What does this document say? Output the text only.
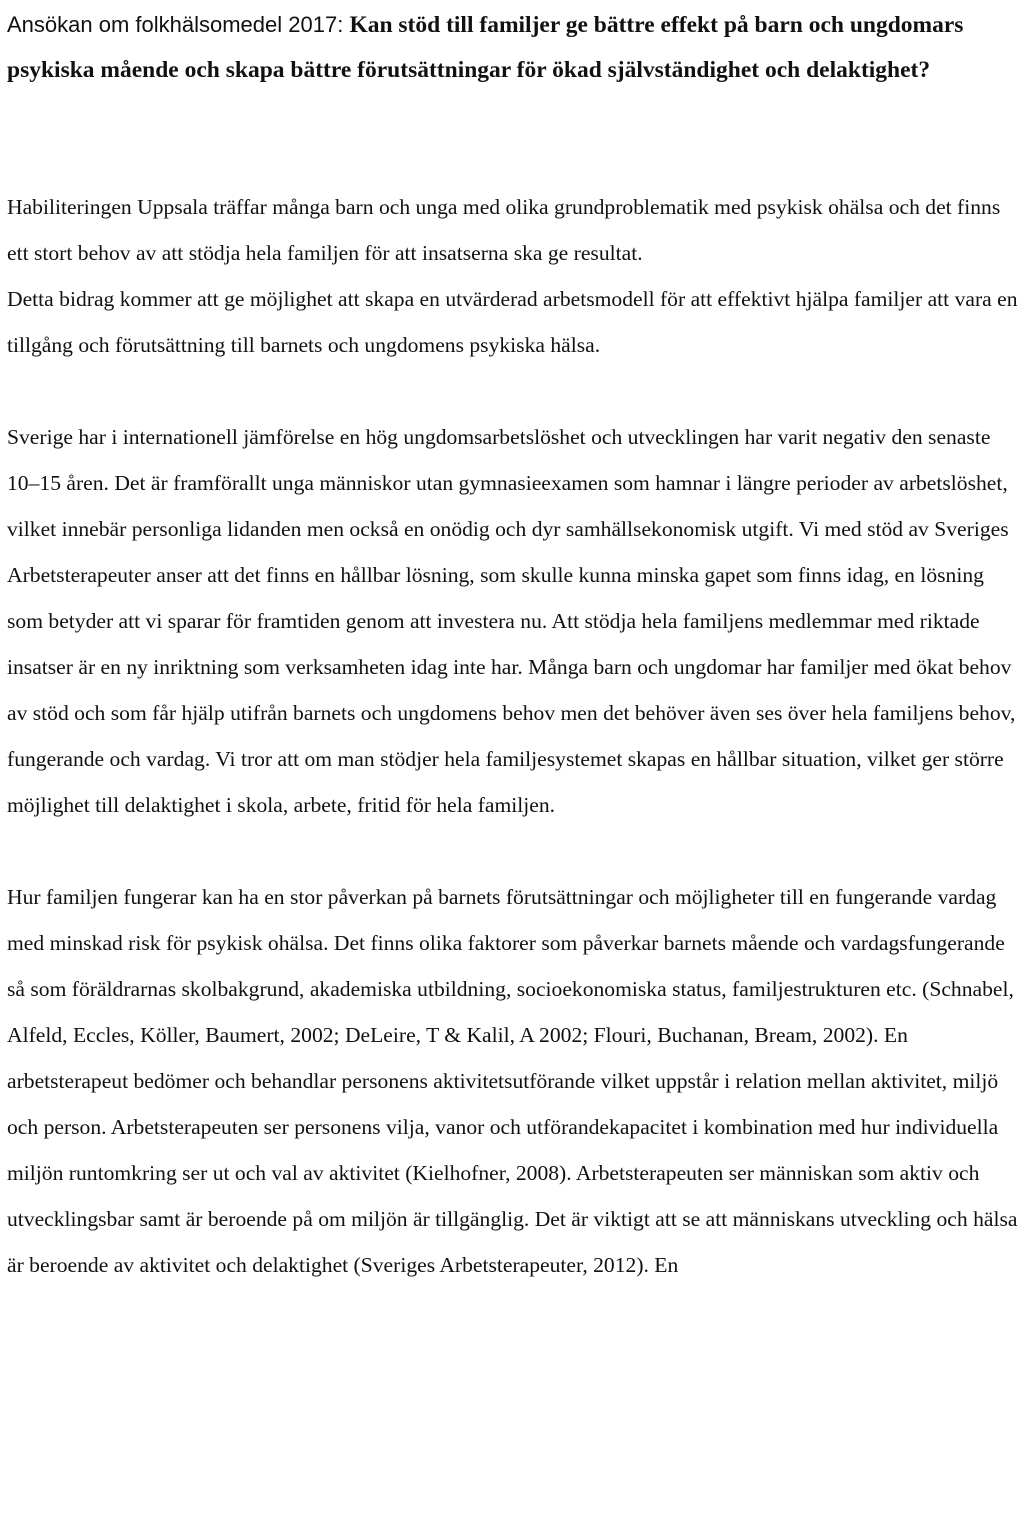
Ansökan om folkhälsomedel 2017: Kan stöd till familjer ge bättre effekt på barn och ungdomars psykiska mående och skapa bättre förutsättningar för ökad självständighet och delaktighet?

Habiliteringen Uppsala träffar många barn och unga med olika grundproblematik med psykisk ohälsa och det finns ett stort behov av att stödja hela familjen för att insatserna ska ge resultat.

Detta bidrag kommer att ge möjlighet att skapa en utvärderad arbetsmodell för att effektivt hjälpa familjer att vara en tillgång och förutsättning till barnets och ungdomens psykiska hälsa.

Sverige har i internationell jämförelse en hög ungdomsarbetslöshet och utvecklingen har varit negativ den senaste 10–15 åren. Det är framförallt unga människor utan gymnasieexamen som hamnar i längre perioder av arbetslöshet, vilket innebär personliga lidanden men också en onödig och dyr samhällsekonomisk utgift. Vi med stöd av Sveriges Arbetsterapeuter anser att det finns en hållbar lösning, som skulle kunna minska gapet som finns idag, en lösning som betyder att vi sparar för framtiden genom att investera nu. Att stödja hela familjens medlemmar med riktade insatser är en ny inriktning som verksamheten idag inte har. Många barn och ungdomar har familjer med ökat behov av stöd och som får hjälp utifrån barnets och ungdomens behov men det behöver även ses över hela familjens behov, fungerande och vardag. Vi tror att om man stödjer hela familjesystemet skapas en hållbar situation, vilket ger större möjlighet till delaktighet i skola, arbete, fritid för hela familjen.

Hur familjen fungerar kan ha en stor påverkan på barnets förutsättningar och möjligheter till en fungerande vardag med minskad risk för psykisk ohälsa. Det finns olika faktorer som påverkar barnets mående och vardagsfungerande så som föräldrarnas skolbakgrund, akademiska utbildning, socioekonomiska status, familjestrukturen etc. (Schnabel, Alfeld, Eccles, Köller, Baumert, 2002; DeLeire, T & Kalil, A 2002; Flouri, Buchanan, Bream, 2002). En arbetsterapeut bedömer och behandlar personens aktivitetsutförande vilket uppstår i relation mellan aktivitet, miljö och person. Arbetsterapeuten ser personens vilja, vanor och utförandekapacitet i kombination med hur individuella miljön runtomkring ser ut och val av aktivitet (Kielhofner, 2008). Arbetsterapeuten ser människan som aktiv och utvecklingsbar samt är beroende på om miljön är tillgänglig. Det är viktigt att se att människans utveckling och hälsa är beroende av aktivitet och delaktighet (Sveriges Arbetsterapeuter, 2012). En
